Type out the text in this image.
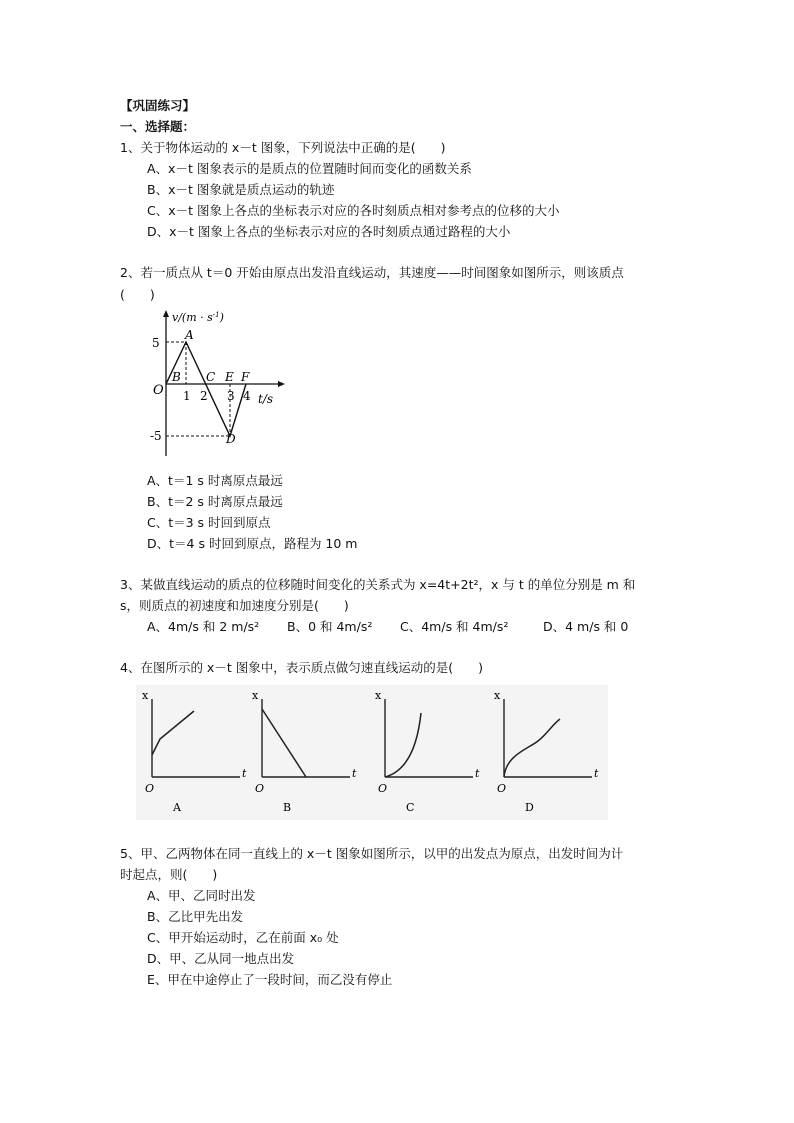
【巩固练习】
一、选择题：
1、关于物体运动的 x－t 图象，下列说法中正确的是(　　)
A、x－t 图象表示的是质点的位置随时间而变化的函数关系
B、x－t 图象就是质点运动的轨迹
C、x－t 图象上各点的坐标表示对应的各时刻质点相对参考点的位移的大小
D、x－t 图象上各点的坐标表示对应的各时刻质点通过路程的大小
2、若一质点从 t＝0 开始由原点出发沿直线运动，其速度——时间图象如图所示，则该质点
(　　)
$v/(m \cdot s^{-1})$
5
-5
O
A
B C E F
D
1 2 3 4 t/s
A、t＝1 s 时离原点最远
B、t＝2 s 时离原点最远
C、t＝3 s 时回到原点
D、t＝4 s 时回到原点，路程为 10 m
3、某做直线运动的质点的位移随时间变化的关系式为 x=4t+2t²，x 与 t 的单位分别是 m 和
s，则质点的初速度和加速度分别是(　　)
A、4m/s 和 2 m/s² B、0 和 4m/s² C、4m/s 和 4m/s²	D、4 m/s 和 0
4、在图所示的 x－t 图象中，表示质点做匀速直线运动的是(　　)
x
t
O
A
x
t
O
B
x
t
O
C
x
t
O
D
5、甲、乙两物体在同一直线上的 x－t 图象如图所示，以甲的出发点为原点，出发时间为计
时起点，则(　　)
A、甲、乙同时出发
B、乙比甲先出发
C、甲开始运动时，乙在前面 x₀ 处
D、甲、乙从同一地点出发
E、甲在中途停止了一段时间，而乙没有停止
